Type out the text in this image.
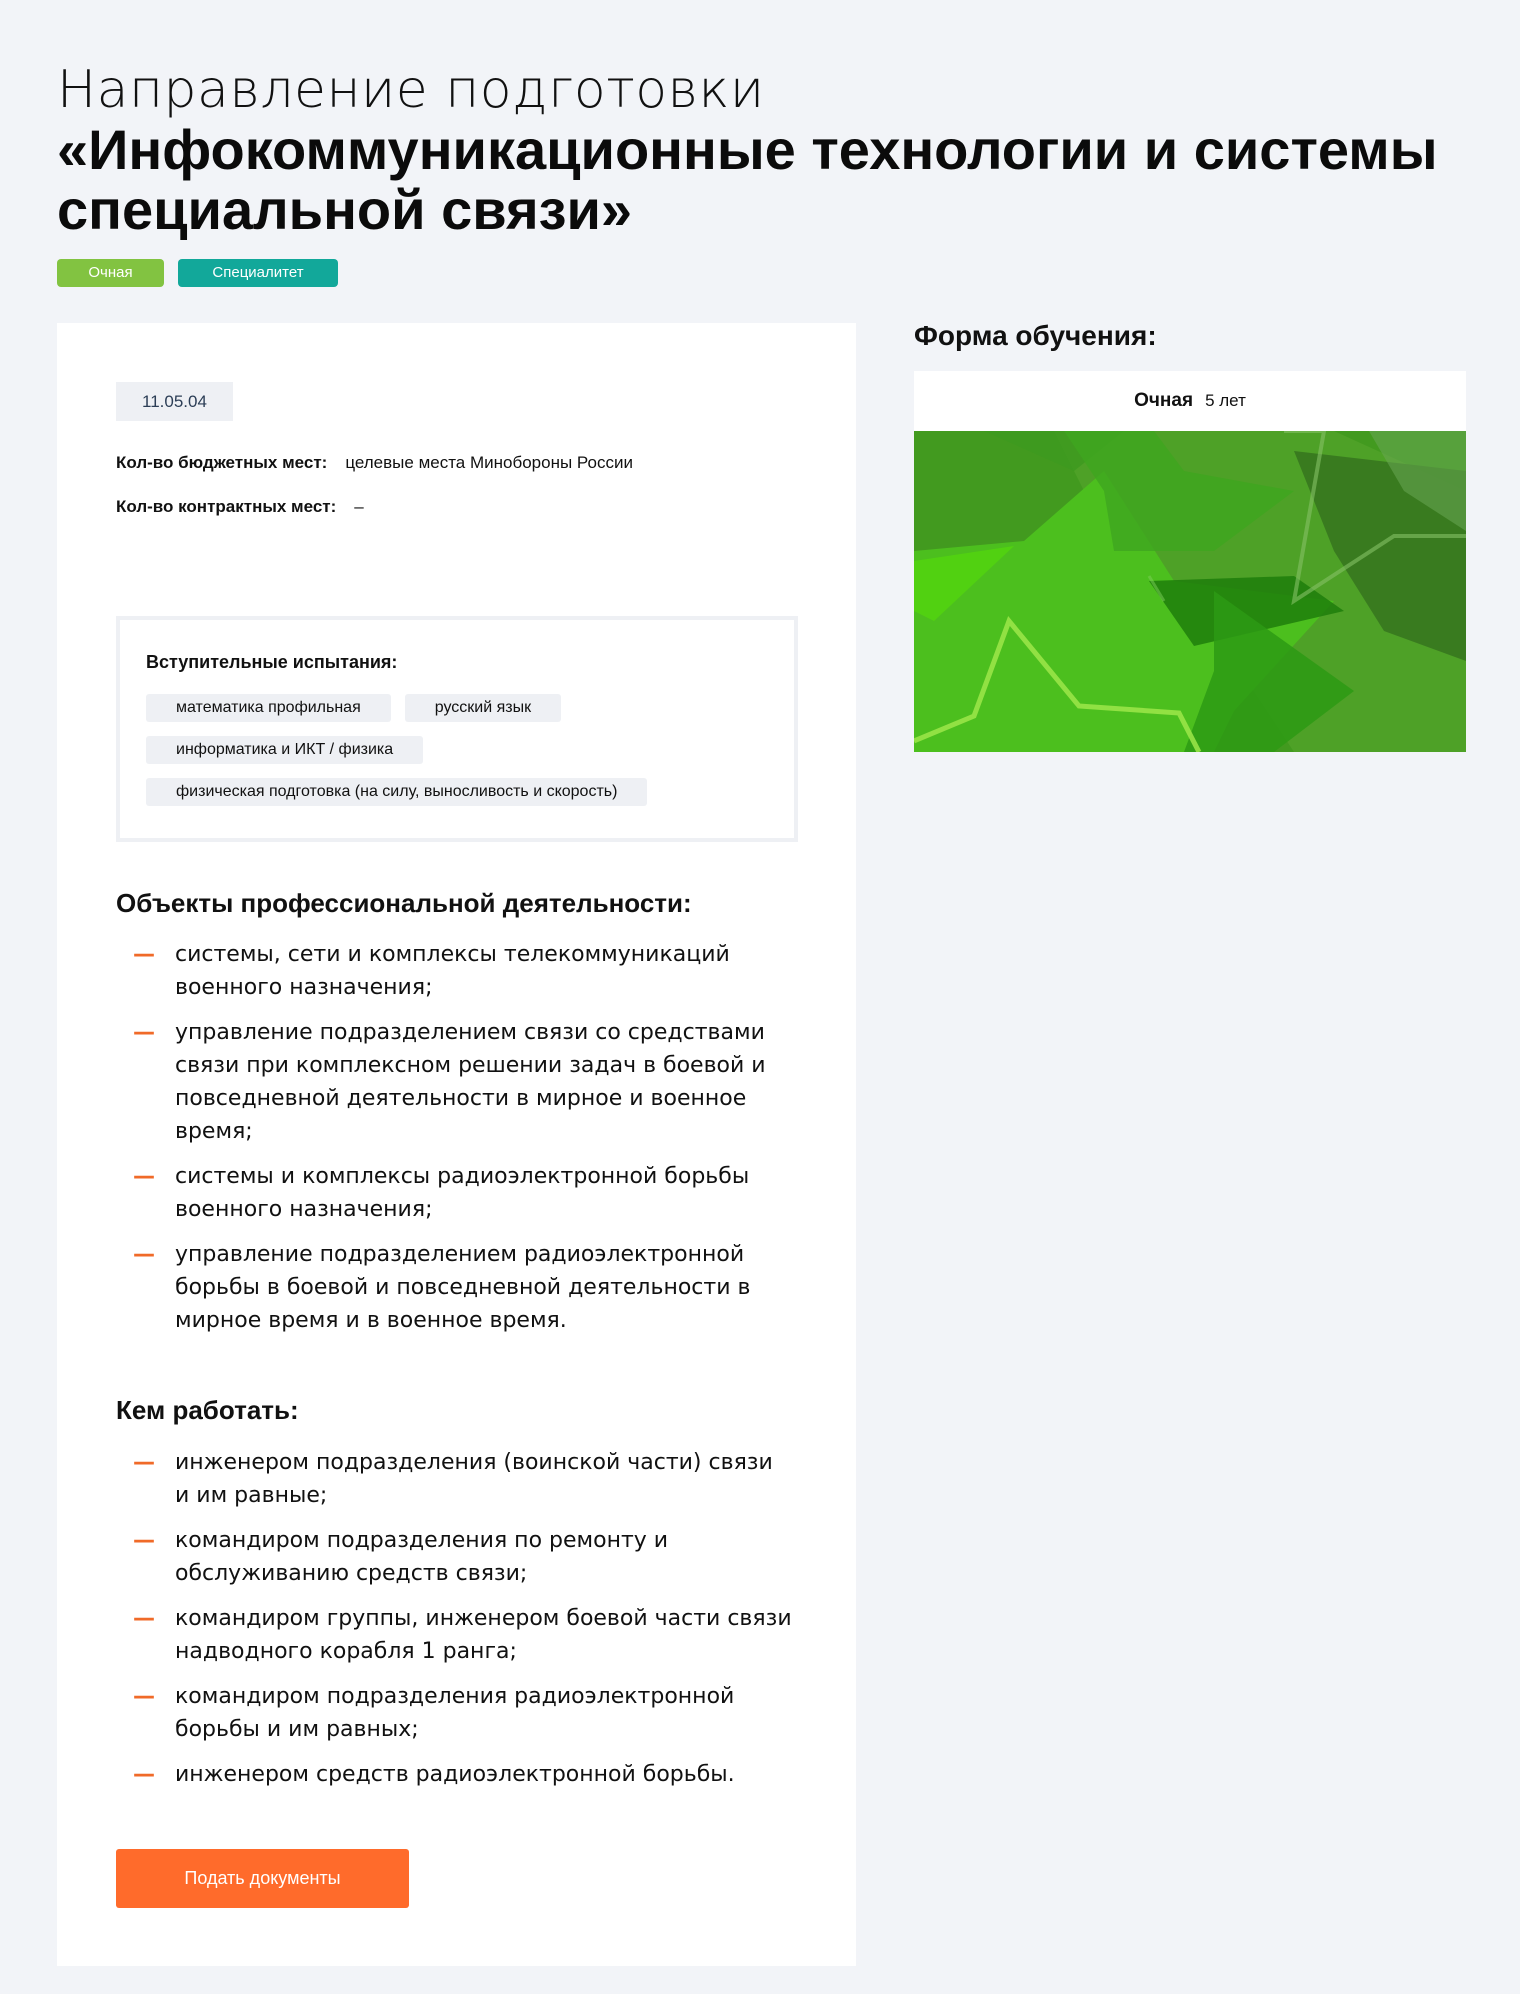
Направление подготовки
«Инфокоммуникационные технологии и системы специальной связи»
Очная	Специалитет
11.05.04
Кол-во бюджетных мест: целевые места Минобороны России
Кол-во контрактных мест: –
Вступительные испытания:
математика профильная	русский язык
информатика и ИКТ / физика
физическая подготовка (на силу, выносливость и скорость)
Объекты профессиональной деятельности:
— системы, сети и комплексы телекоммуникаций военного назначения;
— управление подразделением связи со средствами связи при комплексном решении задач в боевой и повседневной деятельности в мирное и военное время;
— системы и комплексы радиоэлектронной борьбы военного назначения;
— управление подразделением радиоэлектронной борьбы в боевой и повседневной деятельности в мирное время и в военное время.
Кем работать:
— инженером подразделения (воинской части) связи и им равные;
— командиром подразделения по ремонту и обслуживанию средств связи;
— командиром группы, инженером боевой части связи надводного корабля 1 ранга;
— командиром подразделения радиоэлектронной борьбы и им равных;
— инженером средств радиоэлектронной борьбы.
Подать документы
Форма обучения:
Очная 5 лет
